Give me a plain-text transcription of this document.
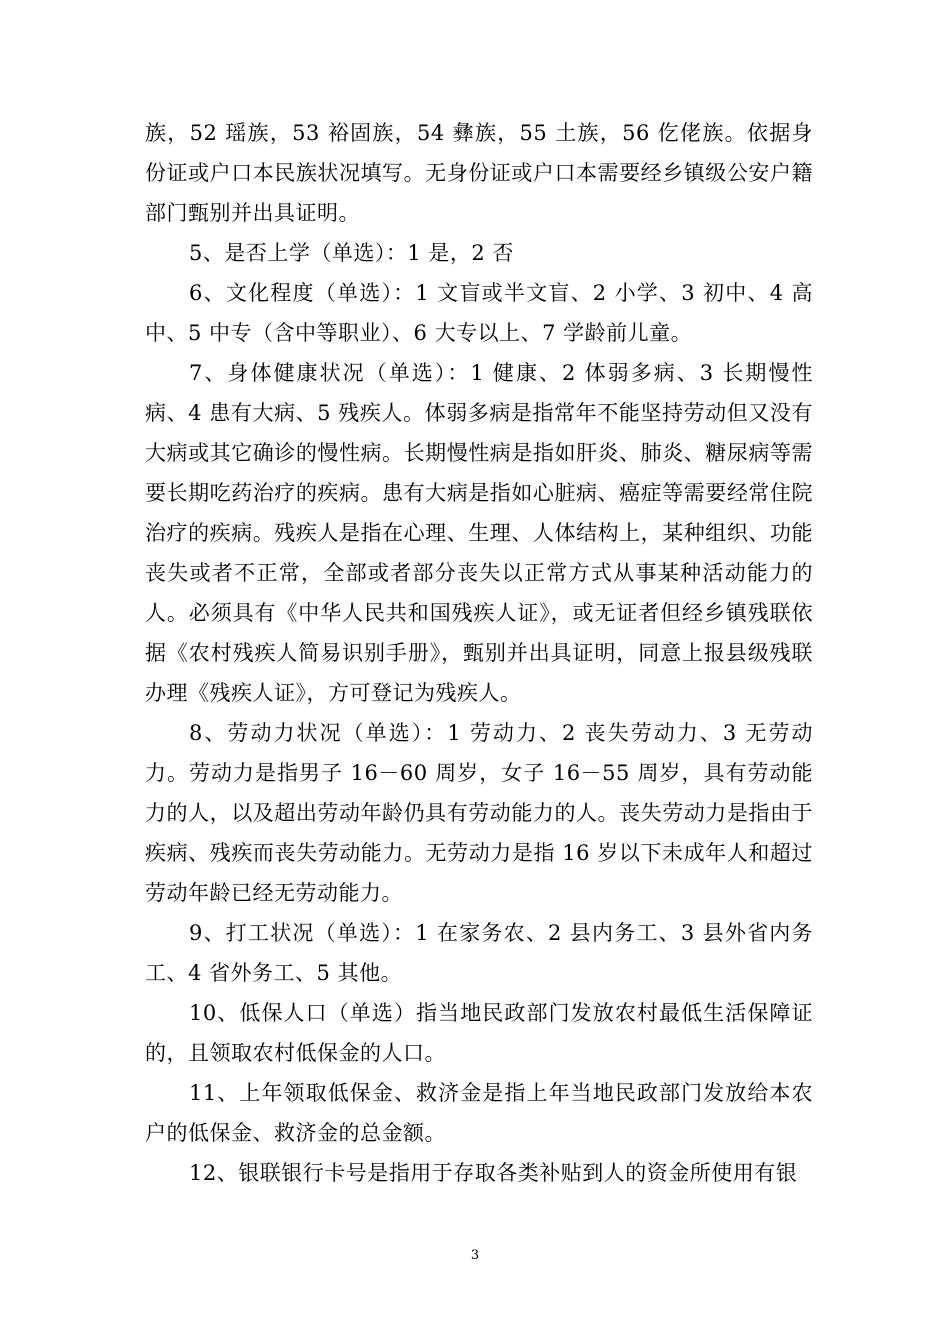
族，52 瑶族，53 裕固族，54 彝族，55 土族，56 仡佬族。依据身份证或户口本民族状况填写。无身份证或户口本需要经乡镇级公安户籍部门甄别并出具证明。

5、是否上学（单选）：1 是，2 否

6、文化程度（单选）：1 文盲或半文盲、2 小学、3 初中、4 高中、5 中专（含中等职业）、6 大专以上、7 学龄前儿童。

7、身体健康状况（单选）：1 健康、2 体弱多病、3 长期慢性病、4 患有大病、5 残疾人。体弱多病是指常年不能坚持劳动但又没有大病或其它确诊的慢性病。长期慢性病是指如肝炎、肺炎、糖尿病等需要长期吃药治疗的疾病。患有大病是指如心脏病、癌症等需要经常住院治疗的疾病。残疾人是指在心理、生理、人体结构上，某种组织、功能丧失或者不正常，全部或者部分丧失以正常方式从事某种活动能力的人。必须具有《中华人民共和国残疾人证》，或无证者但经乡镇残联依据《农村残疾人简易识别手册》，甄别并出具证明，同意上报县级残联办理《残疾人证》，方可登记为残疾人。

8、劳动力状况（单选）：1 劳动力、2 丧失劳动力、3 无劳动力。劳动力是指男子 16－60 周岁，女子 16－55 周岁，具有劳动能力的人，以及超出劳动年龄仍具有劳动能力的人。丧失劳动力是指由于疾病、残疾而丧失劳动能力。无劳动力是指 16 岁以下未成年人和超过劳动年龄已经无劳动能力。

9、打工状况（单选）：1 在家务农、2 县内务工、3 县外省内务工、4 省外务工、5 其他。

10、低保人口（单选）指当地民政部门发放农村最低生活保障证的，且领取农村低保金的人口。

11、上年领取低保金、救济金是指上年当地民政部门发放给本农户的低保金、救济金的总金额。

12、银联银行卡号是指用于存取各类补贴到人的资金所使用有银

3
